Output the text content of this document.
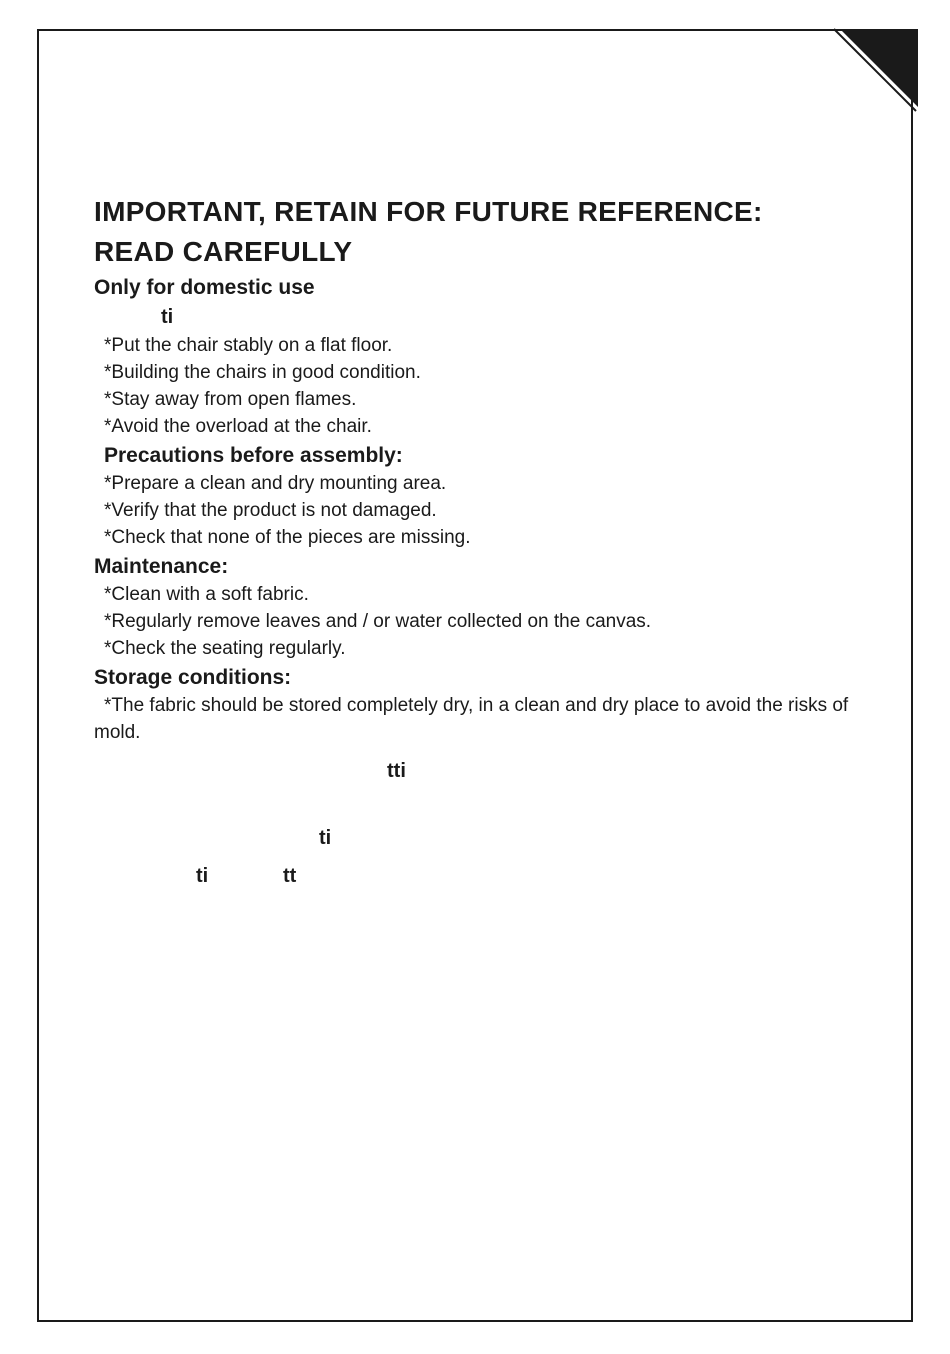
IMPORTANT, RETAIN FOR FUTURE REFERENCE:

READ CAREFULLY

Only for domestic use

ti

*Put the chair stably on a flat floor.

*Building the chairs in good condition.

*Stay away from open flames.

*Avoid the overload at the chair.

Precautions before assembly:

*Prepare a clean and dry mounting area.

*Verify that the product is not damaged.

*Check that none of the pieces are missing.

Maintenance:

*Clean with a soft fabric.

*Regularly remove leaves and / or water collected on the canvas.

*Check the seating regularly.

Storage conditions:

*The fabric should be stored completely dry, in a clean and dry place to avoid the risks of mold.

tti
ti
ti	tt
